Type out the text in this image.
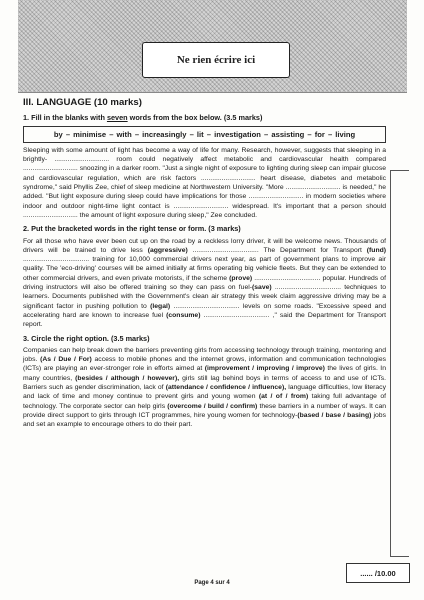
Ne rien écrire ici
III. LANGUAGE (10 marks)
1. Fill in the blanks with seven words from the box below. (3.5 marks)
by – minimise – with – increasingly – lit – investigation – assisting – for – living

Sleeping with some amount of light has become a way of life for many. Research, however, suggests that sleeping in a brightly- ............................. room could negatively affect metabolic and cardiovascular health compared ............................. snoozing in a darker room. "Just a single night of exposure to lighting during sleep can impair glucose and cardiovascular regulation, which are risk factors ............................. heart disease, diabetes and metabolic syndrome," said Phyllis Zee, chief of sleep medicine at Northwestern University. "More ............................. is needed," he added. "But light exposure during sleep could have implications for those ............................. in modern societies where indoor and outdoor night-time light contact is ............................. widespread. It's important that a person should ............................. the amount of light exposure during sleep," Zee concluded.

2. Put the bracketed words in the right tense or form. (3 marks)

For all those who have ever been cut up on the road by a reckless lorry driver, it will be welcome news. Thousands of drivers will be trained to drive less (aggressive) ................................... The Department for Transport (fund) ................................... training for 10,000 commercial drivers next year, as part of government plans to improve air quality. The 'eco-driving' courses will be aimed initially at firms operating big vehicle fleets. But they can be extended to other commercial drivers, and even private motorists, if the scheme (prove) ................................... popular. Hundreds of driving instructors will also be offered training so they can pass on fuel-(save) ................................... techniques to learners. Documents published with the Government's clean air strategy this week claim aggressive driving may be a significant factor in pushing pollution to (legal) ................................... levels on some roads. "Excessive speed and accelerating hard are known to increase fuel (consume) ................................... ," said the Department for Transport report.

3. Circle the right option. (3.5 marks)

Companies can help break down the barriers preventing girls from accessing technology through training, mentoring and jobs. (As / Due / For) access to mobile phones and the internet grows, information and communication technologies (ICTs) are playing an ever-stronger role in efforts aimed at (improvement / improving / improve) the lives of girls. In many countries, (besides / although / however), girls still lag behind boys in terms of access to and use of ICTs. Barriers such as gender discrimination, lack of (attendance / confidence / influence), language difficulties, low literacy and lack of time and money continue to prevent girls and young women (at / of / from) taking full advantage of technology. The corporate sector can help girls (overcome / build / confirm) these barriers in a number of ways. It can provide direct support to girls through ICT programmes, hire young women for technology-(based / base / basing) jobs and set an example to encourage others to do their part.

...... /10.00
Page 4 sur 4
